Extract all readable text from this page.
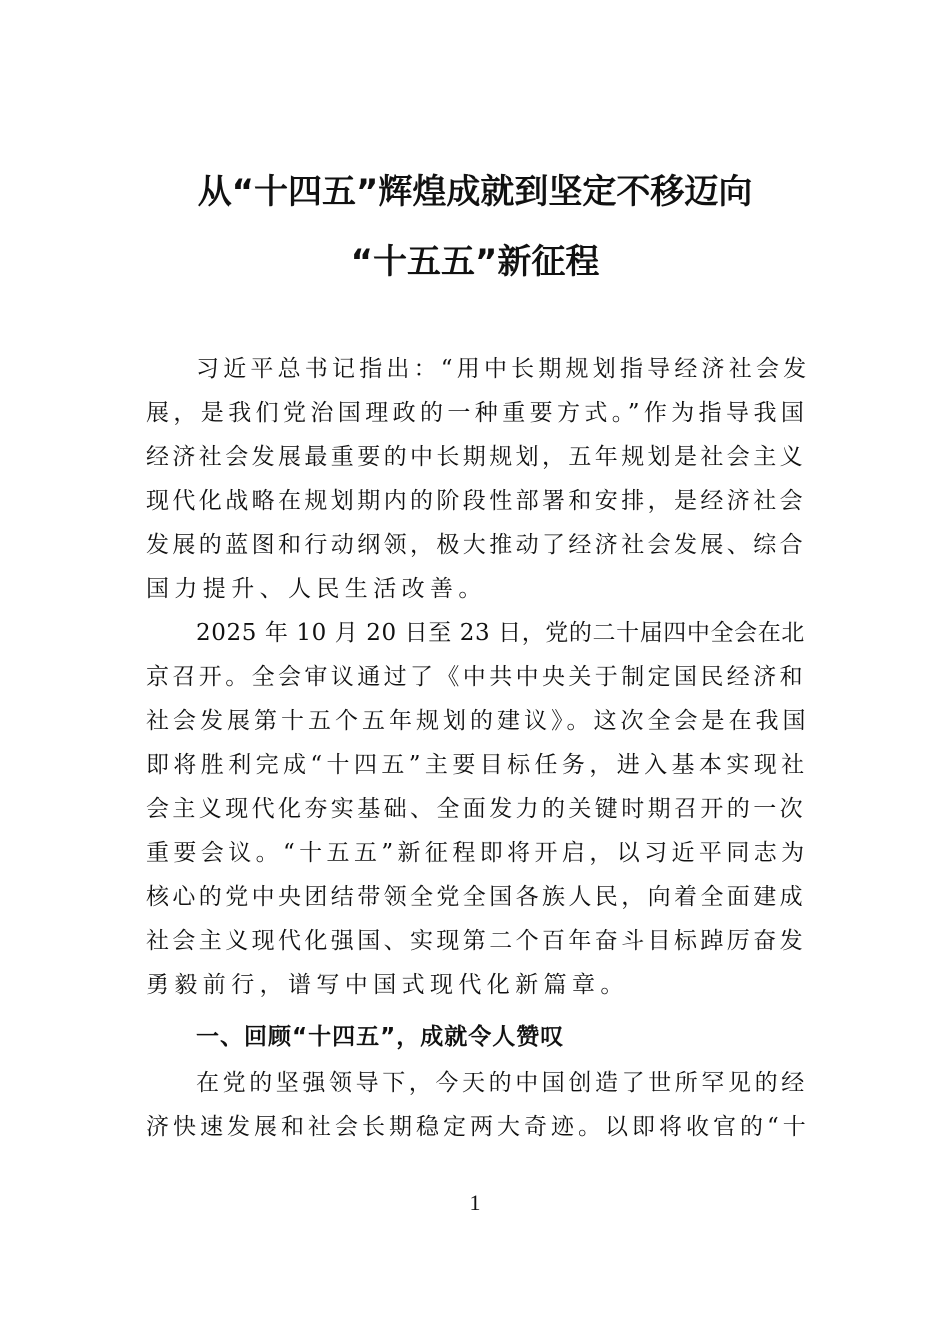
从“十四五”辉煌成就到坚定不移迈向
“十五五”新征程
习近平总书记指出：“用中长期规划指导经济社会发
展，是我们党治国理政的一种重要方式。”作为指导我国
经济社会发展最重要的中长期规划，五年规划是社会主义
现代化战略在规划期内的阶段性部署和安排，是经济社会
发展的蓝图和行动纲领，极大推动了经济社会发展、综合
国力提升、人民生活改善。
2025 年 10 月 20 日至 23 日，党的二十届四中全会在北
京召开。全会审议通过了《中共中央关于制定国民经济和
社会发展第十五个五年规划的建议》。这次全会是在我国
即将胜利完成“十四五”主要目标任务，进入基本实现社
会主义现代化夯实基础、全面发力的关键时期召开的一次
重要会议。“十五五”新征程即将开启，以习近平同志为
核心的党中央团结带领全党全国各族人民，向着全面建成
社会主义现代化强国、实现第二个百年奋斗目标踔厉奋发
勇毅前行，谱写中国式现代化新篇章。
一、回顾“十四五”，成就令人赞叹
在党的坚强领导下，今天的中国创造了世所罕见的经
济快速发展和社会长期稳定两大奇迹。以即将收官的“十
1
